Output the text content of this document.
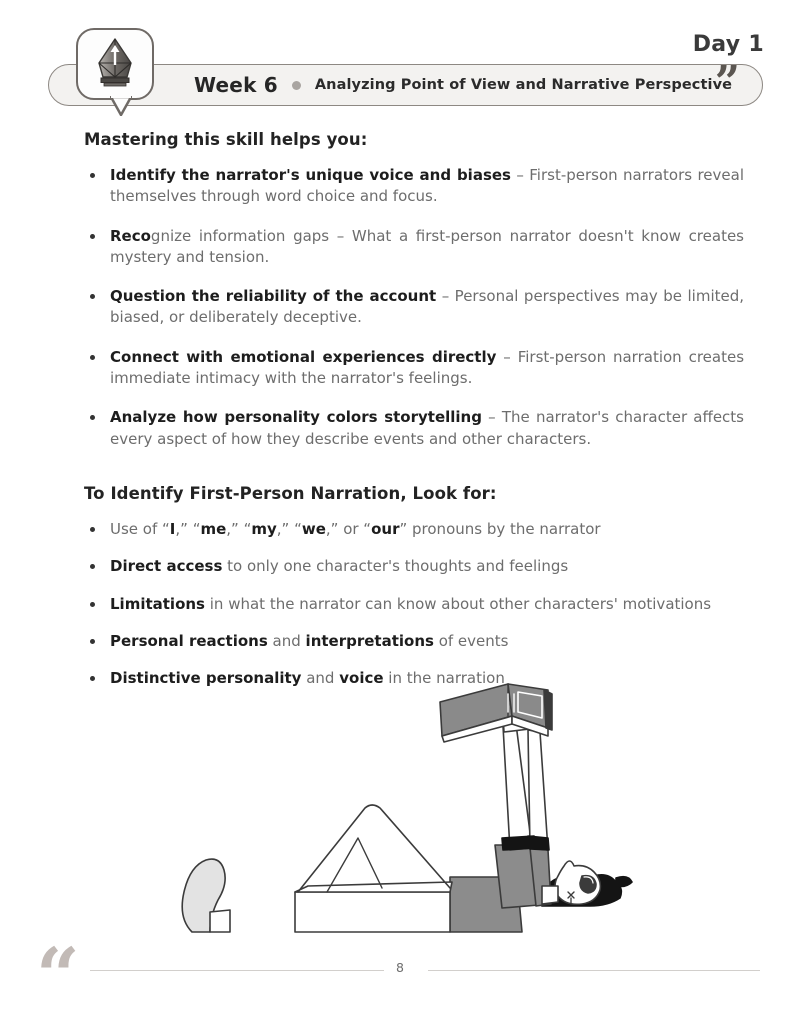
Day 1
Week 6	Analyzing Point of View and Narrative Perspective
”
Mastering this skill helps you:
Identify the narrator's unique voice and biases – First-person narrators reveal themselves through word choice and focus.
Recognize information gaps – What a first-person narrator doesn't know creates mystery and tension.
Question the reliability of the account – Personal perspectives may be limited, biased, or deliberately deceptive.
Connect with emotional experiences directly – First-person narration creates immediate intimacy with the narrator's feelings.
Analyze how personality colors storytelling – The narrator's character affects every aspect of how they describe events and other characters.
To Identify First-Person Narration, Look for:
Use of “I,” “me,” “my,” “we,” or “our” pronouns by the narrator
Direct access to only one character's thoughts and feelings
Limitations in what the narrator can know about other characters' motivations
Personal reactions and interpretations of events
Distinctive personality and voice in the narration
“	8
